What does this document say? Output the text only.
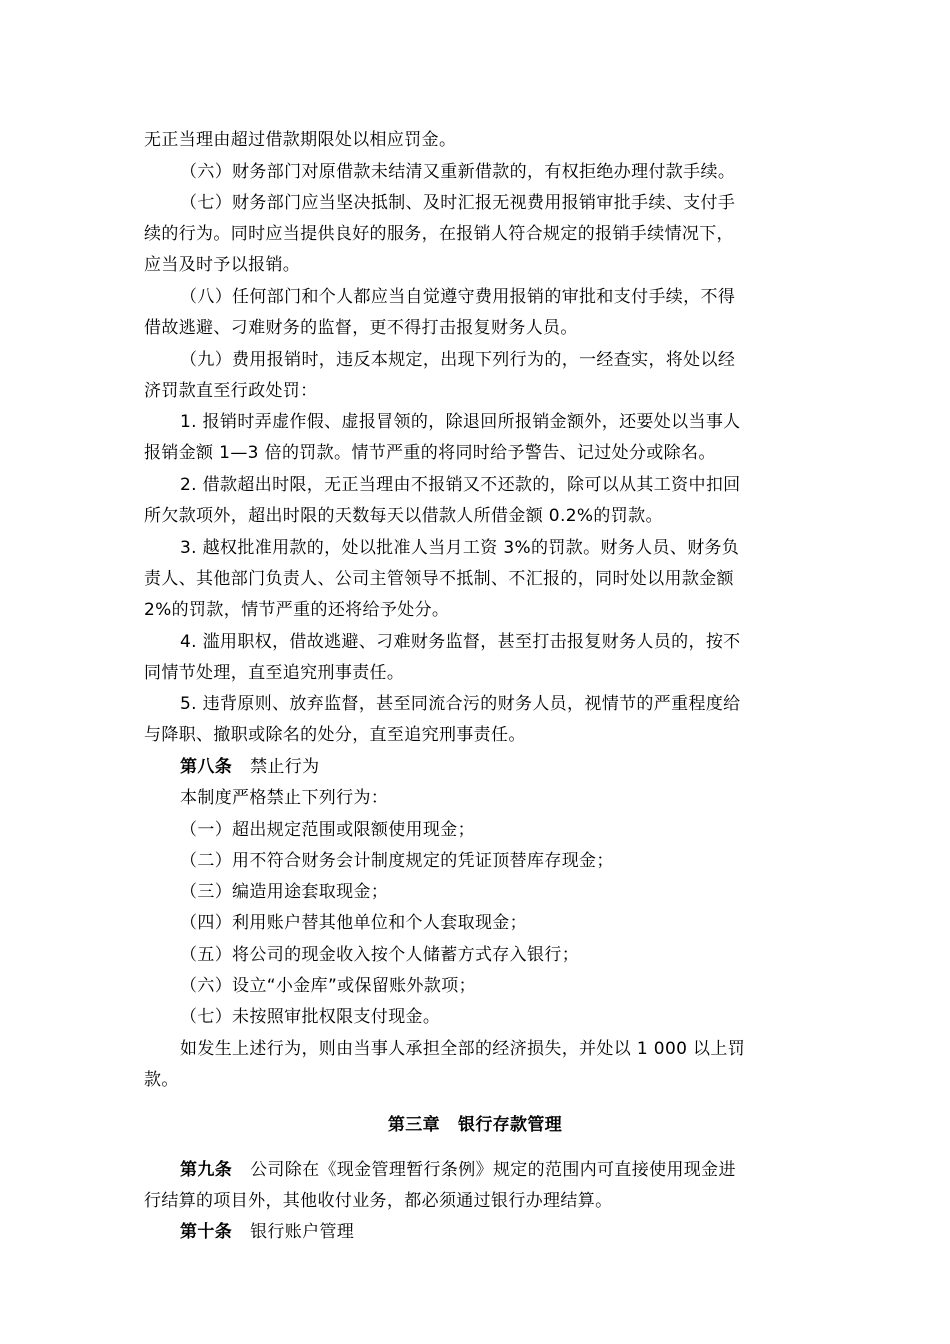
无正当理由超过借款期限处以相应罚金。
（六）财务部门对原借款未结清又重新借款的，有权拒绝办理付款手续。
（七）财务部门应当坚决抵制、及时汇报无视费用报销审批手续、支付手
续的行为。同时应当提供良好的服务，在报销人符合规定的报销手续情况下，
应当及时予以报销。
（八）任何部门和个人都应当自觉遵守费用报销的审批和支付手续，不得
借故逃避、刁难财务的监督，更不得打击报复财务人员。
（九）费用报销时，违反本规定，出现下列行为的，一经查实，将处以经
济罚款直至行政处罚：
1. 报销时弄虚作假、虚报冒领的，除退回所报销金额外，还要处以当事人
报销金额 1—3 倍的罚款。情节严重的将同时给予警告、记过处分或除名。
2. 借款超出时限，无正当理由不报销又不还款的，除可以从其工资中扣回
所欠款项外，超出时限的天数每天以借款人所借金额 0.2%的罚款。
3. 越权批准用款的，处以批准人当月工资 3%的罚款。财务人员、财务负
责人、其他部门负责人、公司主管领导不抵制、不汇报的，同时处以用款金额
2%的罚款，情节严重的还将给予处分。
4. 滥用职权，借故逃避、刁难财务监督，甚至打击报复财务人员的，按不
同情节处理，直至追究刑事责任。
5. 违背原则、放弃监督，甚至同流合污的财务人员，视情节的严重程度给
与降职、撤职或除名的处分，直至追究刑事责任。
第八条 禁止行为
本制度严格禁止下列行为：
（一）超出规定范围或限额使用现金；
（二）用不符合财务会计制度规定的凭证顶替库存现金；
（三）编造用途套取现金；
（四）利用账户替其他单位和个人套取现金；
（五）将公司的现金收入按个人储蓄方式存入银行；
（六）设立“小金库”或保留账外款项；
（七）未按照审批权限支付现金。
如发生上述行为，则由当事人承担全部的经济损失，并处以 1 000 以上罚
款。
第三章 银行存款管理
第九条 公司除在《现金管理暂行条例》规定的范围内可直接使用现金进
行结算的项目外，其他收付业务，都必须通过银行办理结算。
第十条 银行账户管理
